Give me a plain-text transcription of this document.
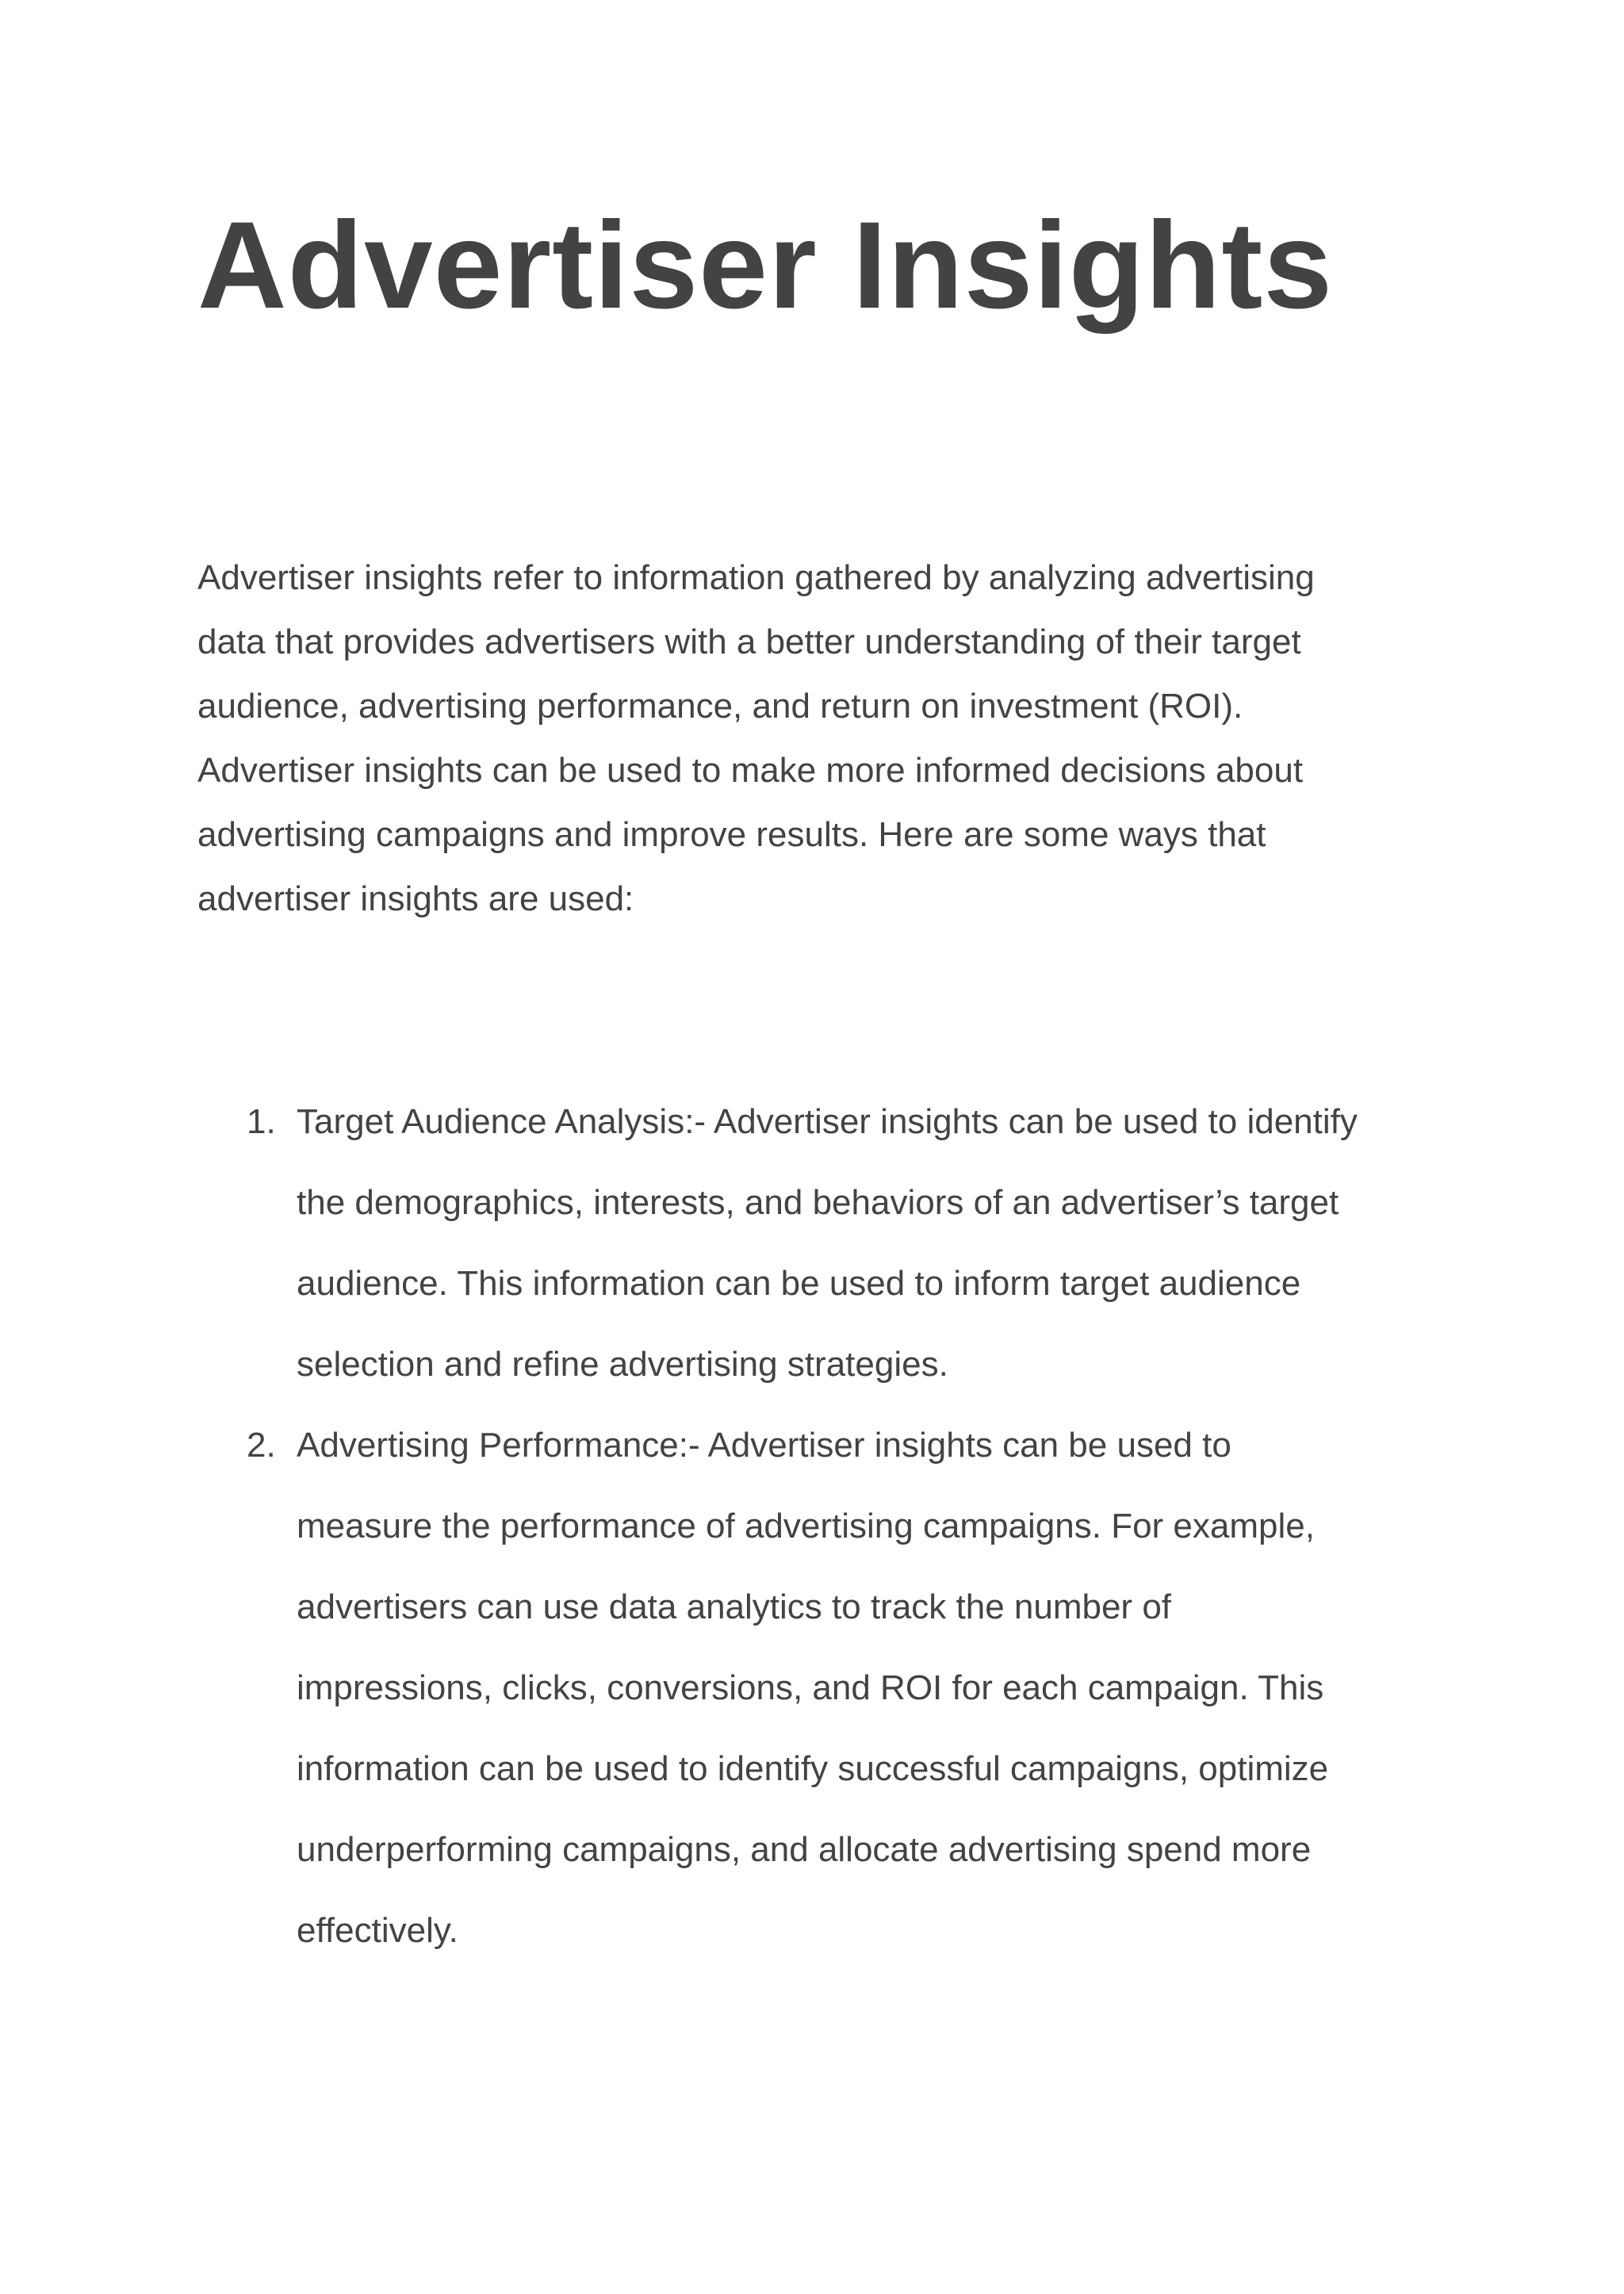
Advertiser Insights

Advertiser insights refer to information gathered by analyzing advertising
data that provides advertisers with a better understanding of their target
audience, advertising performance, and return on investment (ROI).
Advertiser insights can be used to make more informed decisions about
advertising campaigns and improve results. Here are some ways that
advertiser insights are used:

1. Target Audience Analysis:- Advertiser insights can be used to identify
the demographics, interests, and behaviors of an advertiser’s target
audience. This information can be used to inform target audience
selection and refine advertising strategies.
2. Advertising Performance:- Advertiser insights can be used to
measure the performance of advertising campaigns. For example,
advertisers can use data analytics to track the number of
impressions, clicks, conversions, and ROI for each campaign. This
information can be used to identify successful campaigns, optimize
underperforming campaigns, and allocate advertising spend more
effectively.
